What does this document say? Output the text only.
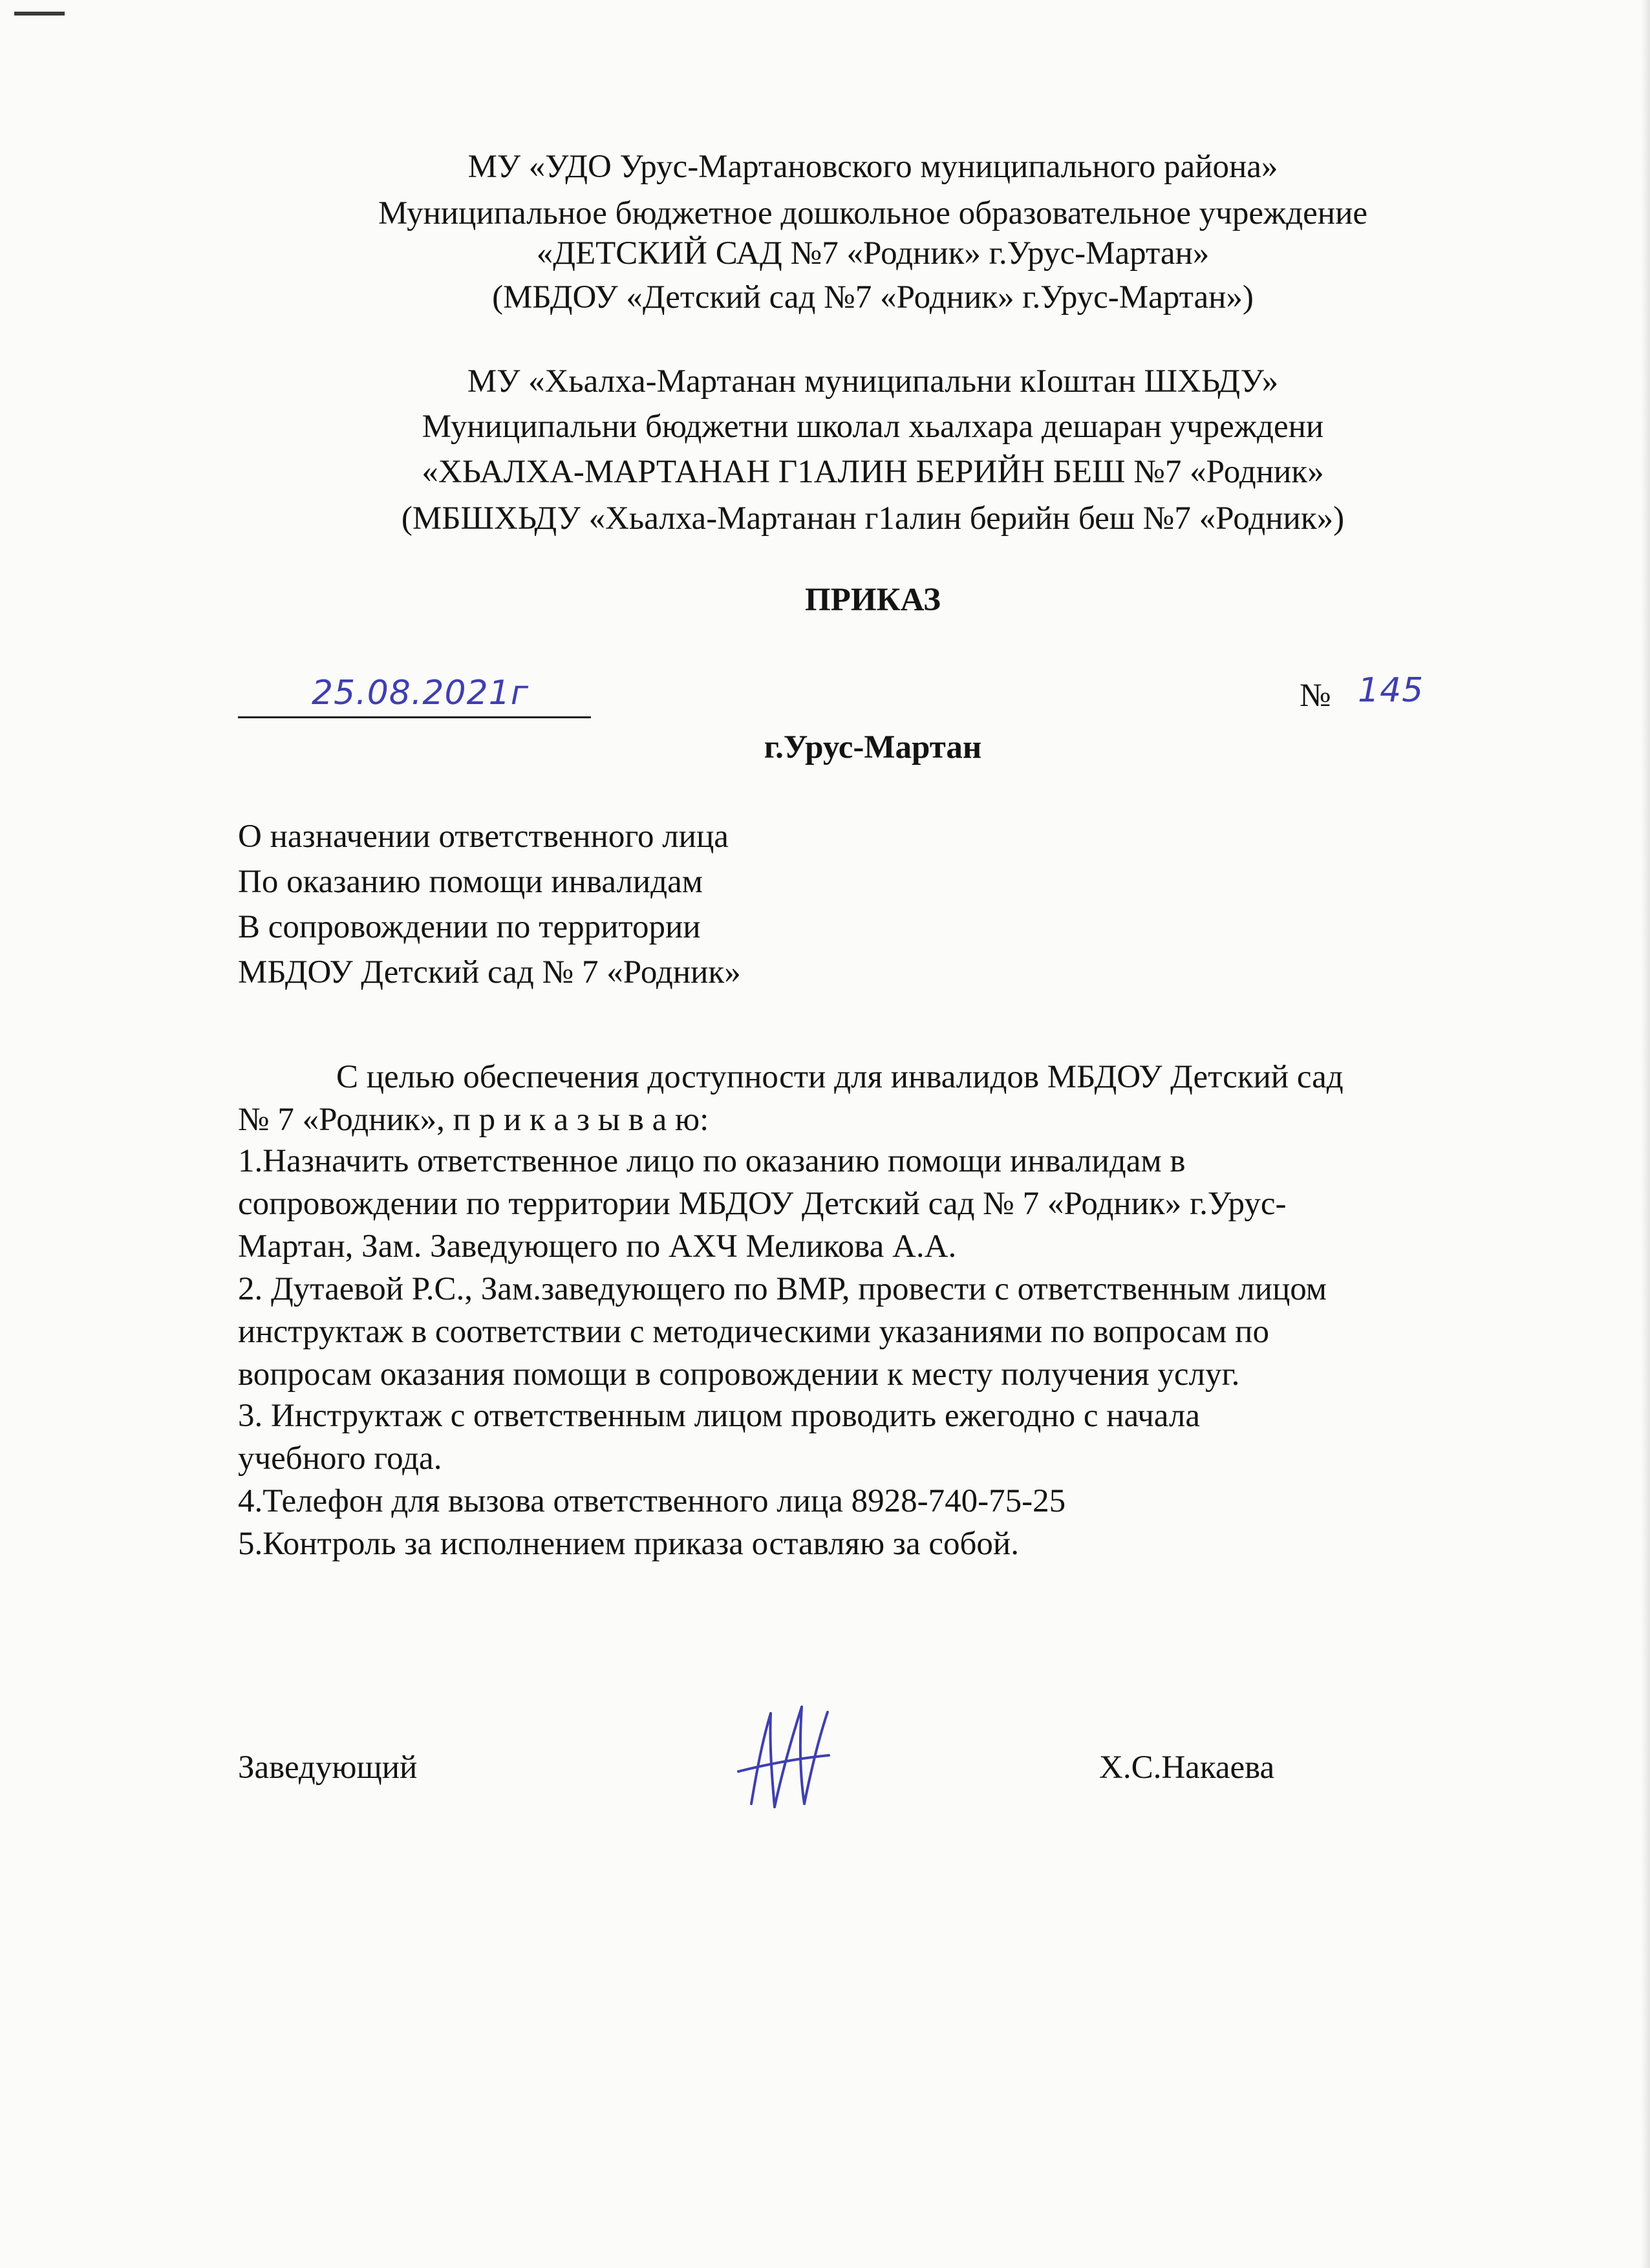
МУ «УДО Урус-Мартановского муниципального района»
Муниципальное бюджетное дошкольное образовательное учреждение
«ДЕТСКИЙ САД №7 «Родник» г.Урус-Мартан»
(МБДОУ «Детский сад №7 «Родник» г.Урус-Мартан»)
МУ «Хьалха-Мартанан муниципальни кIоштан ШХЬДУ»
Муниципальни бюджетни школал хьалхара дешаран учреждени
«ХЬАЛХА-МАРТАНАН Г1АЛИН БЕРИЙН БЕШ №7 «Родник»
(МБШХЬДУ «Хьалха-Мартанан г1алин берийн беш №7 «Родник»)
ПРИКАЗ
25.08.2021г	№ 145
г.Урус-Мартан
О назначении ответственного лица
По оказанию помощи инвалидам
В сопровождении по территории
МБДОУ Детский сад № 7 «Родник»
С целью обеспечения доступности для инвалидов МБДОУ Детский сад
№ 7 «Родник», п р и к а з ы в а ю:
1.Назначить ответственное лицо по оказанию помощи инвалидам в
сопровождении по территории МБДОУ Детский сад № 7 «Родник» г.Урус-
Мартан, Зам. Заведующего по АХЧ Меликова А.А.
2. Дутаевой Р.С., Зам.заведующего по ВМР, провести с ответственным лицом
инструктаж в соответствии с методическими указаниями по вопросам по
вопросам оказания помощи в сопровождении к месту получения услуг.
3. Инструктаж с ответственным лицом проводить ежегодно с начала
учебного года.
4.Телефон для вызова ответственного лица 8928-740-75-25
5.Контроль за исполнением приказа оставляю за собой.
Заведующий	Х.С.Накаева
